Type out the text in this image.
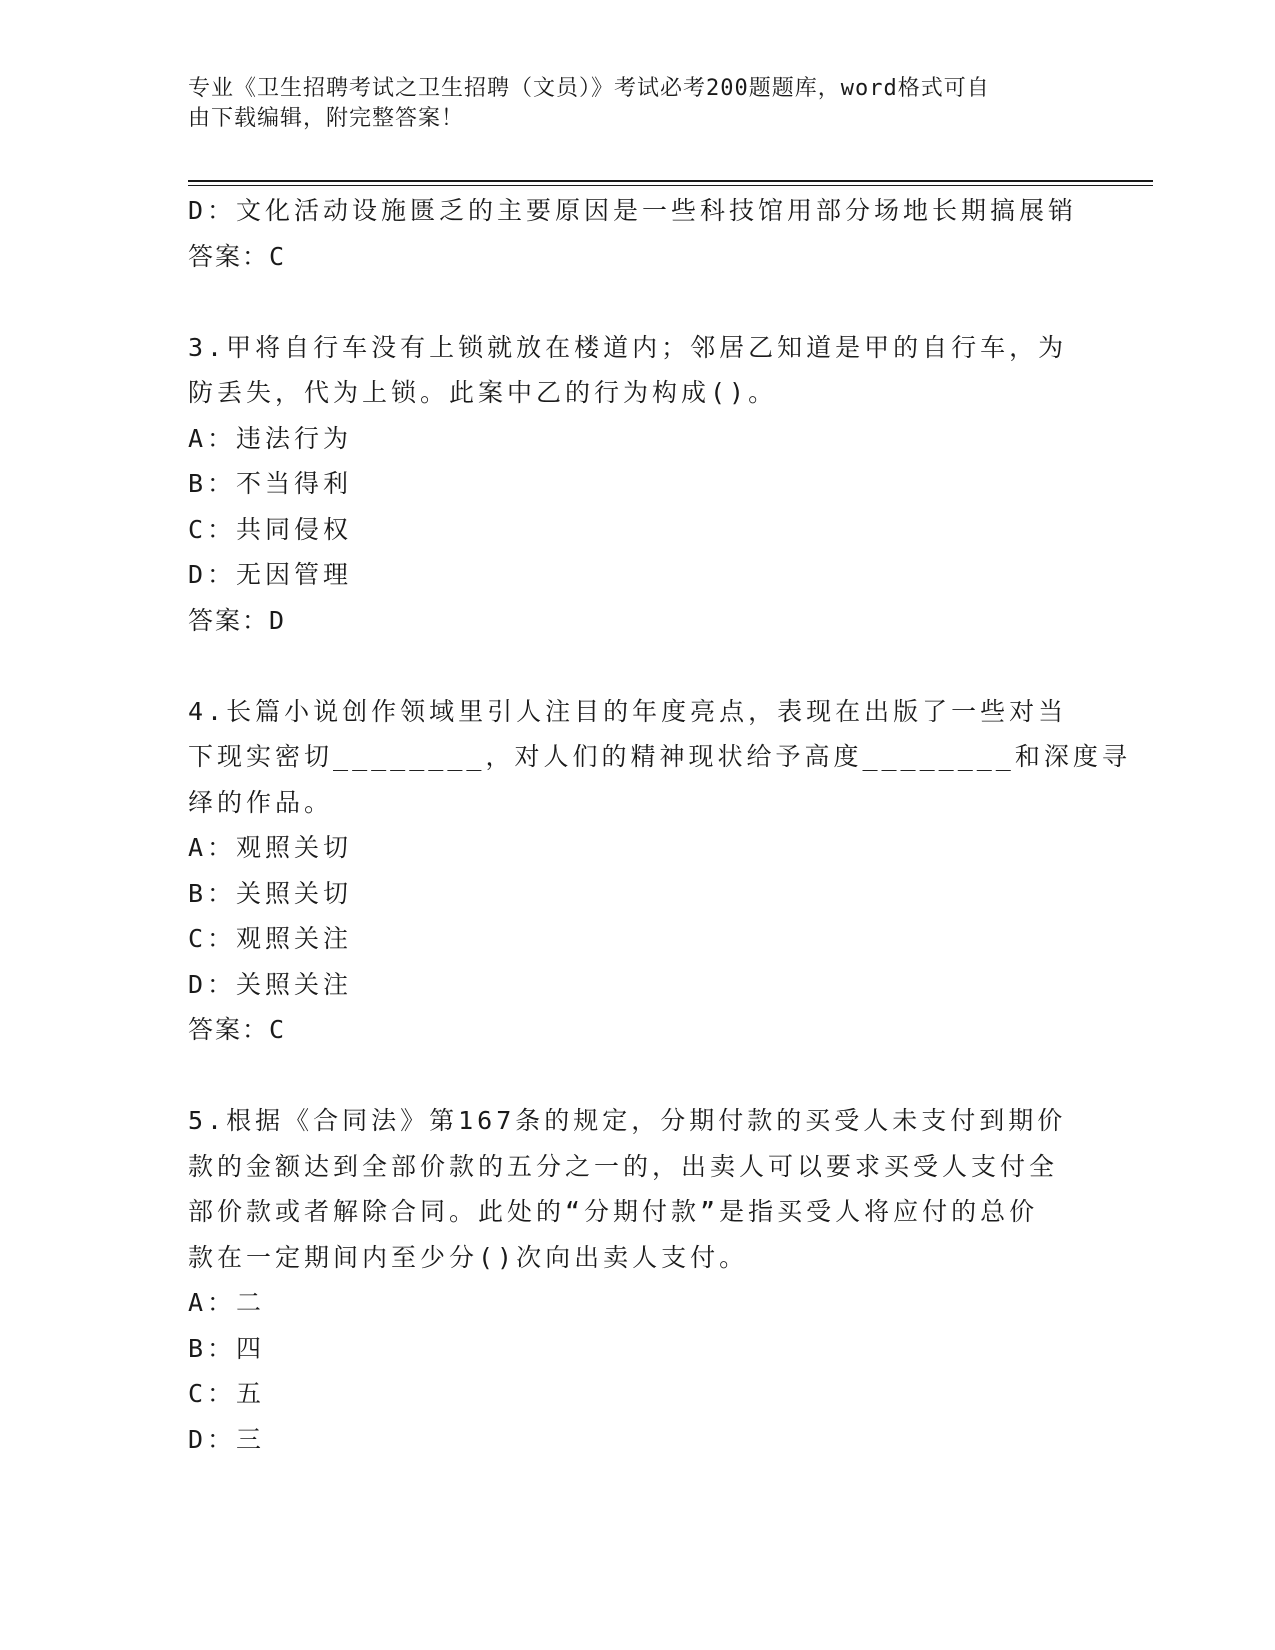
专业《卫生招聘考试之卫生招聘（文员）》考试必考200题题库，word格式可自
由下载编辑，附完整答案！
D：文化活动设施匮乏的主要原因是一些科技馆用部分场地长期搞展销
答案：C
3.甲将自行车没有上锁就放在楼道内；邻居乙知道是甲的自行车，为
防丢失，代为上锁。此案中乙的行为构成()。
A：违法行为
B：不当得利
C：共同侵权
D：无因管理
答案：D
4.长篇小说创作领域里引人注目的年度亮点，表现在出版了一些对当
下现实密切________，对人们的精神现状给予高度________和深度寻
绎的作品。
A：观照关切
B：关照关切
C：观照关注
D：关照关注
答案：C
5.根据《合同法》第167条的规定，分期付款的买受人未支付到期价
款的金额达到全部价款的五分之一的，出卖人可以要求买受人支付全
部价款或者解除合同。此处的“分期付款”是指买受人将应付的总价
款在一定期间内至少分()次向出卖人支付。
A：二
B：四
C：五
D：三
